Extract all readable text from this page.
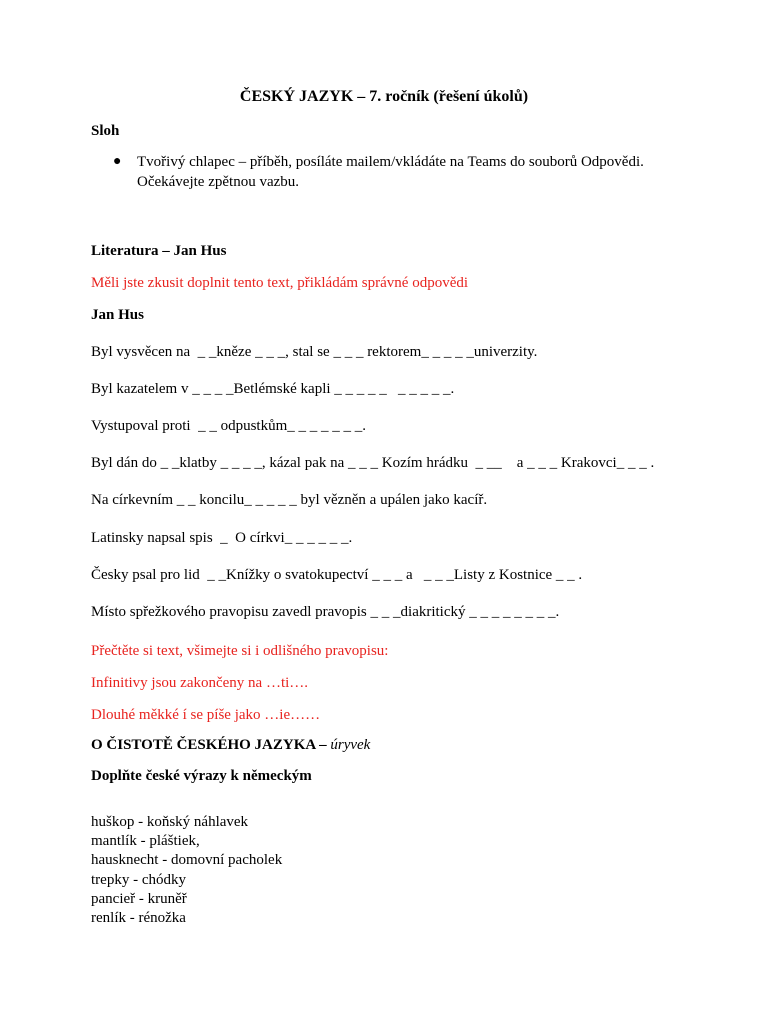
ČESKÝ JAZYK – 7. ročník (řešení úkolů)
Sloh
● Tvořivý chlapec – příběh, posíláte mailem/vkládáte na Teams do souborů Odpovědi.
Očekávejte zpětnou vazbu.
Literatura – Jan Hus
Měli jste zkusit doplnit tento text, přikládám správné odpovědi
Jan Hus
Byl vysvěcen na  _ _kněze _ _ _, stal se _ _ _ rektorem_ _ _ _ _univerzity.
Byl kazatelem v _ _ _ _Betlémské kapli _ _ _ _ _   _ _ _ _ _.
Vystupoval proti  _ _ odpustkům_ _ _ _ _ _ _.
Byl dán do _ _klatby _ _ _ _, kázal pak na _ _ _ Kozím hrádku  _ __    a _ _ _ Krakovci_ _ _ .
Na církevním _ _ koncilu_ _ _ _ _ byl vězněn a upálen jako kacíř.
Latinsky napsal spis  _  O církvi_ _ _ _ _ _.
Česky psal pro lid  _ _Knížky o svatokupectví _ _ _ a   _ _ _Listy z Kostnice _ _ .
Místo spřežkového pravopisu zavedl pravopis _ _ _diakritický _ _ _ _ _ _ _ _.
Přečtěte si text, všimejte si i odlišného pravopisu:
Infinitivy jsou zakončeny na …ti….
Dlouhé měkké í se píše jako …ie……
O ČISTOTĚ ČESKÉHO JAZYKA – úryvek
Doplňte české výrazy k německým
huškop - koňský náhlavek
mantlík - pláštiek,
hausknecht - domovní pacholek
trepky - chódky
pancieř - kruněř
renlík - rénožka
